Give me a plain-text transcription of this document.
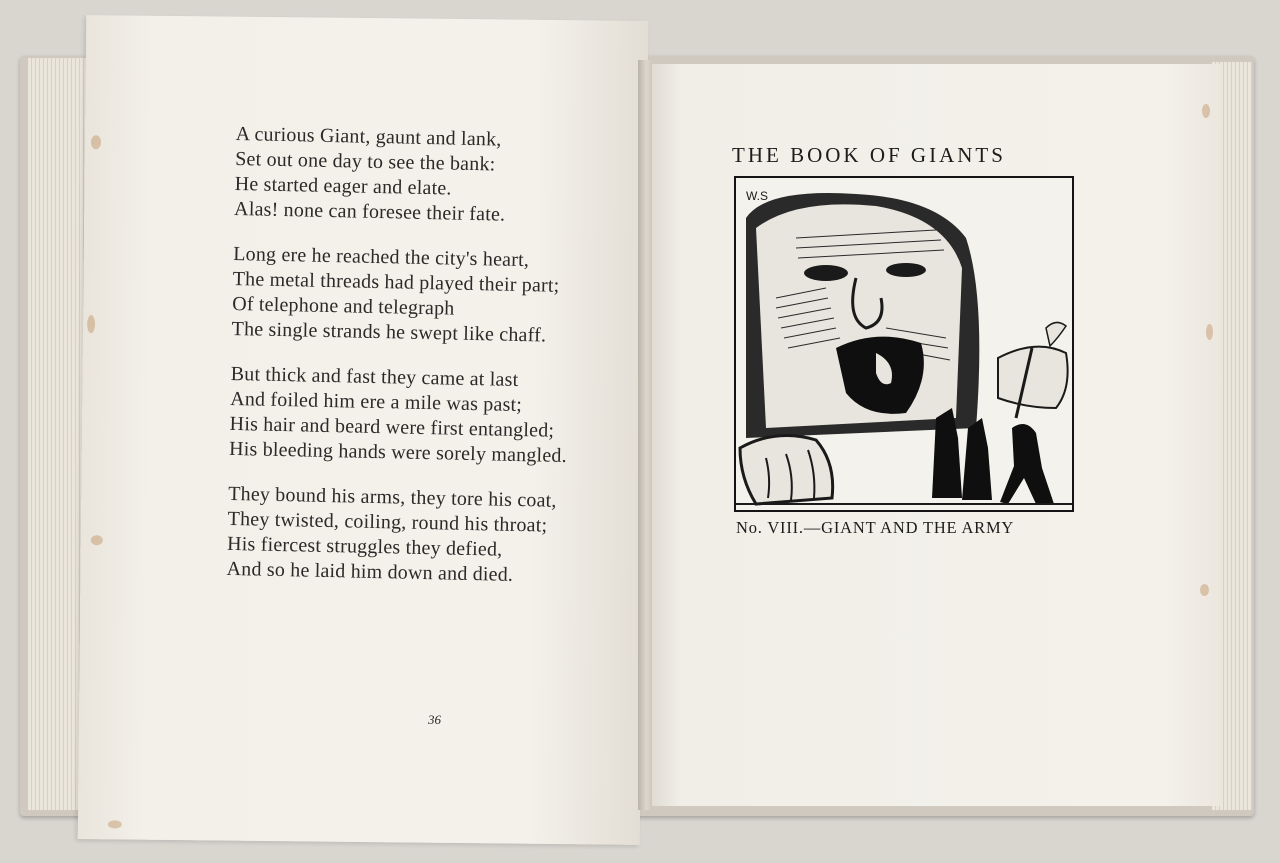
A curious Giant, gaunt and lank,
Set out one day to see the bank:
He started eager and elate.
Alas! none can foresee their fate.
Long ere he reached the city's heart,
The metal threads had played their part;
Of telephone and telegraph
The single strands he swept like chaff.
But thick and fast they came at last
And foiled him ere a mile was past;
His hair and beard were first entangled;
His bleeding hands were sorely mangled.
They bound his arms, they tore his coat,
They twisted, coiling, round his throat;
His fiercest struggles they defied,
And so he laid him down and died.
36
THE BOOK OF GIANTS
W.S
No. VIII.—GIANT AND THE ARMY
